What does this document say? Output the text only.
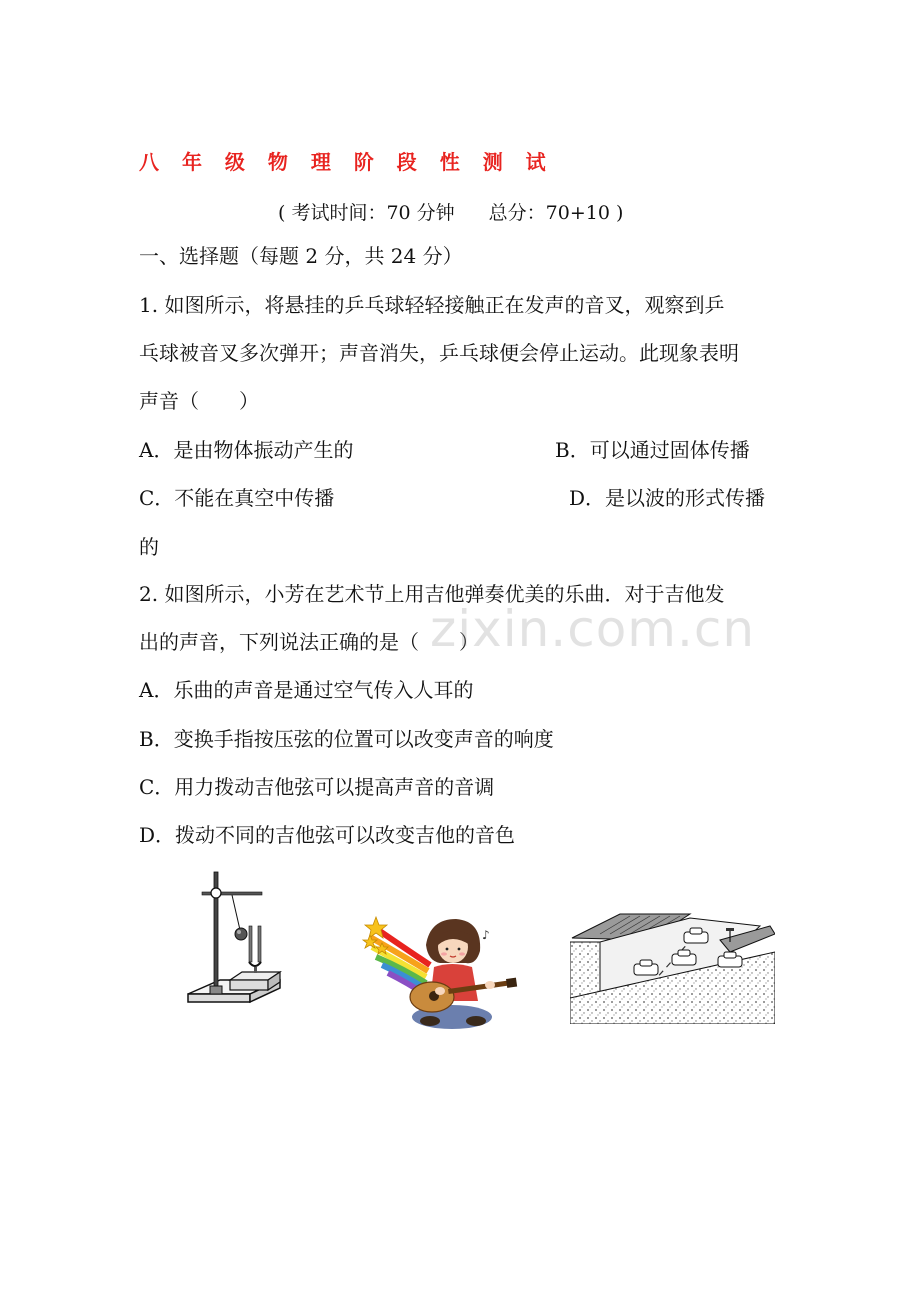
八 年 级 物 理 阶 段 性 测 试
( 考试时间：70 分钟 总分：70+10 )
一、选择题（每题 2 分，共 24 分）
1. 如图所示，将悬挂的乒乓球轻轻接触正在发声的音叉，观察到乒
乓球被音叉多次弹开；声音消失，乒乓球便会停止运动。此现象表明
声音（　　）
A．是由物体振动产生的	B．可以通过固体传播
C．不能在真空中传播	D．是以波的形式传播
的
2. 如图所示，小芳在艺术节上用吉他弹奏优美的乐曲．对于吉他发
出的声音，下列说法正确的是（　　）
A．乐曲的声音是通过空气传入人耳的
B．变换手指按压弦的位置可以改变声音的响度
C．用力拨动吉他弦可以提高声音的音调
D．拨动不同的吉他弦可以改变吉他的音色
zixin.com.cn
♪
